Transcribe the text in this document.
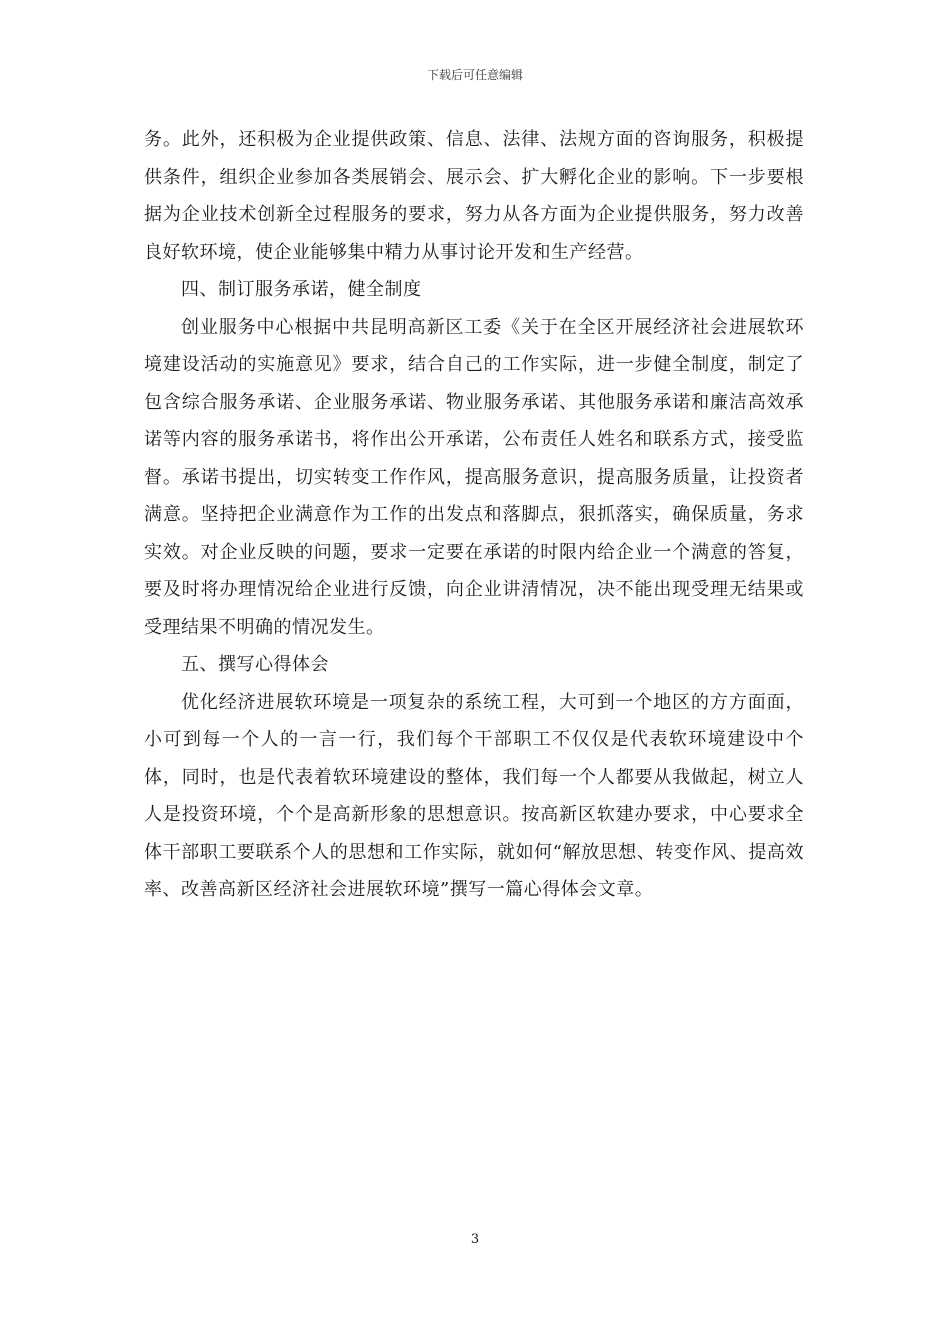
下载后可任意编辑

务。此外，还积极为企业提供政策、信息、法律、法规方面的咨询服务，积极提供条件，组织企业参加各类展销会、展示会、扩大孵化企业的影响。下一步要根据为企业技术创新全过程服务的要求，努力从各方面为企业提供服务，努力改善良好软环境，使企业能够集中精力从事讨论开发和生产经营。

四、制订服务承诺，健全制度

创业服务中心根据中共昆明高新区工委《关于在全区开展经济社会进展软环境建设活动的实施意见》要求，结合自己的工作实际，进一步健全制度，制定了包含综合服务承诺、企业服务承诺、物业服务承诺、其他服务承诺和廉洁高效承诺等内容的服务承诺书，将作出公开承诺，公布责任人姓名和联系方式，接受监督。承诺书提出，切实转变工作作风，提高服务意识，提高服务质量，让投资者满意。坚持把企业满意作为工作的出发点和落脚点，狠抓落实，确保质量，务求实效。对企业反映的问题，要求一定要在承诺的时限内给企业一个满意的答复，要及时将办理情况给企业进行反馈，向企业讲清情况，决不能出现受理无结果或受理结果不明确的情况发生。

五、撰写心得体会

优化经济进展软环境是一项复杂的系统工程，大可到一个地区的方方面面，小可到每一个人的一言一行，我们每个干部职工不仅仅是代表软环境建设中个体，同时，也是代表着软环境建设的整体，我们每一个人都要从我做起，树立人人是投资环境，个个是高新形象的思想意识。按高新区软建办要求，中心要求全体干部职工要联系个人的思想和工作实际，就如何“解放思想、转变作风、提高效率、改善高新区经济社会进展软环境”撰写一篇心得体会文章。

3
